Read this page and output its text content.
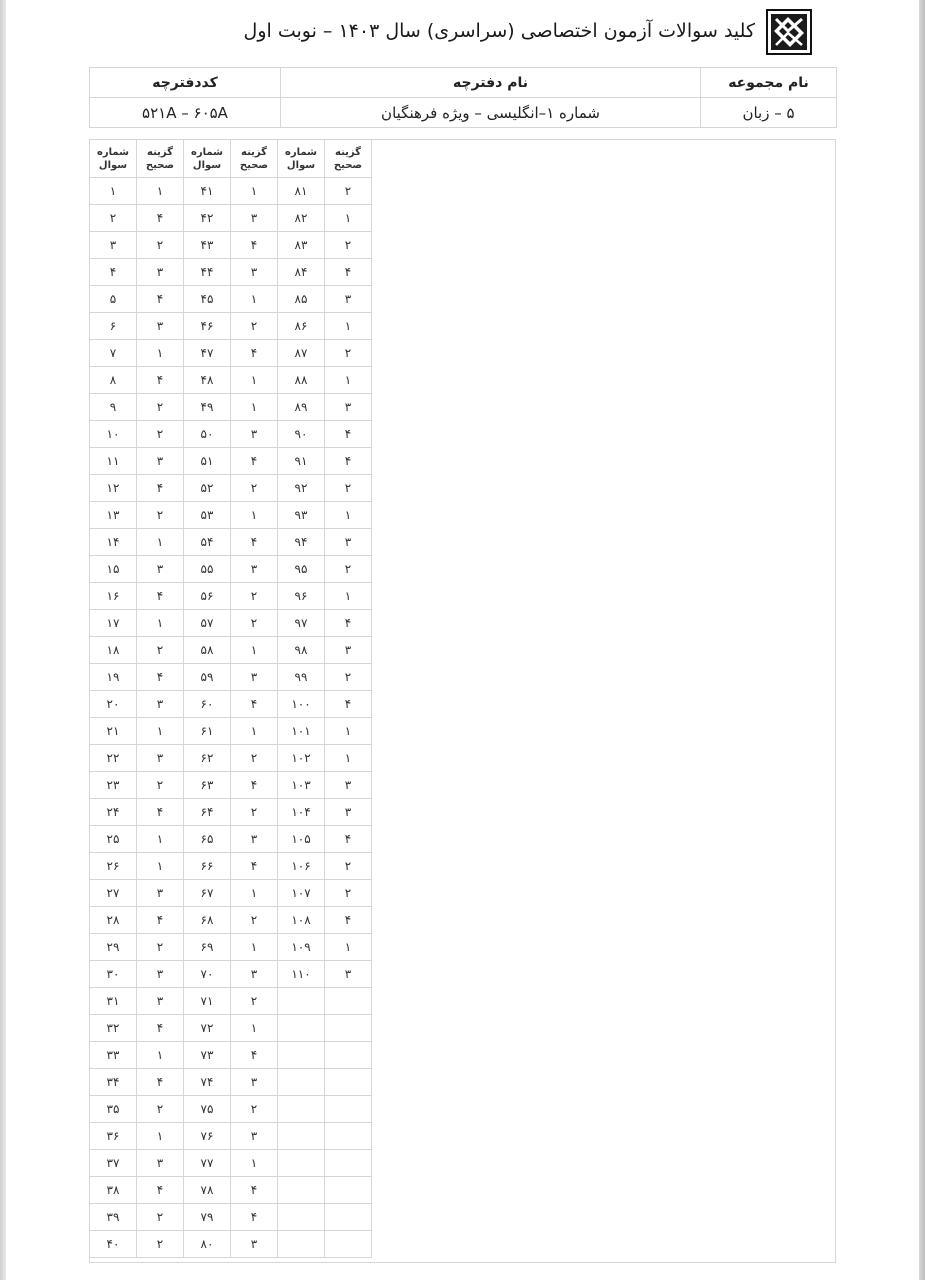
کلید سوالات آزمون اختصاصی (سراسری) سال ۱۴۰۳ – نوبت اول
نام مجموعه	نام دفترچه	کددفترچه
۵ – زبان	شماره ۱–انگلیسی – ویژه فرهنگیان	۵۲۱A – ۶۰۵A
گزینه صحیح	شماره سوال	گزینه صحیح	شماره سوال	گزینه صحیح	شماره سوال
۲	۸۱	۱	۴۱	۱	۱
۱	۸۲	۳	۴۲	۴	۲
۲	۸۳	۴	۴۳	۲	۳
۴	۸۴	۳	۴۴	۳	۴
۳	۸۵	۱	۴۵	۴	۵
۱	۸۶	۲	۴۶	۳	۶
۲	۸۷	۴	۴۷	۱	۷
۱	۸۸	۱	۴۸	۴	۸
۳	۸۹	۱	۴۹	۲	۹
۴	۹۰	۳	۵۰	۲	۱۰
۴	۹۱	۴	۵۱	۳	۱۱
۲	۹۲	۲	۵۲	۴	۱۲
۱	۹۳	۱	۵۳	۲	۱۳
۳	۹۴	۴	۵۴	۱	۱۴
۲	۹۵	۳	۵۵	۳	۱۵
۱	۹۶	۲	۵۶	۴	۱۶
۴	۹۷	۲	۵۷	۱	۱۷
۳	۹۸	۱	۵۸	۲	۱۸
۲	۹۹	۳	۵۹	۴	۱۹
۴	۱۰۰	۴	۶۰	۳	۲۰
۱	۱۰۱	۱	۶۱	۱	۲۱
۱	۱۰۲	۲	۶۲	۳	۲۲
۳	۱۰۳	۴	۶۳	۲	۲۳
۳	۱۰۴	۲	۶۴	۴	۲۴
۴	۱۰۵	۳	۶۵	۱	۲۵
۲	۱۰۶	۴	۶۶	۱	۲۶
۲	۱۰۷	۱	۶۷	۳	۲۷
۴	۱۰۸	۲	۶۸	۴	۲۸
۱	۱۰۹	۱	۶۹	۲	۲۹
۳	۱۱۰	۳	۷۰	۳	۳۰
		۲	۷۱	۳	۳۱
		۱	۷۲	۴	۳۲
		۴	۷۳	۱	۳۳
		۳	۷۴	۴	۳۴
		۲	۷۵	۲	۳۵
		۳	۷۶	۱	۳۶
		۱	۷۷	۳	۳۷
		۴	۷۸	۴	۳۸
		۴	۷۹	۲	۳۹
		۳	۸۰	۲	۴۰
